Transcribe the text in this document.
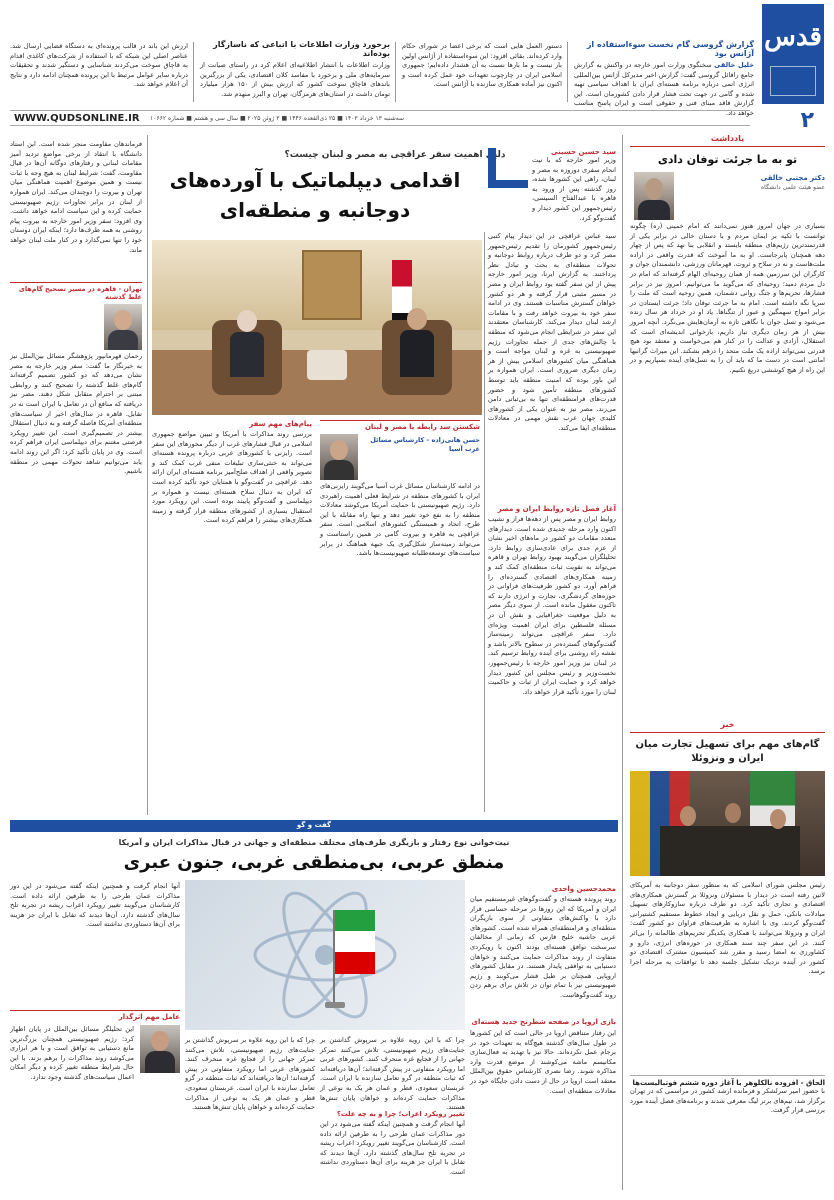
قدس
٢
گزارش گروسی گام نخست سوءاستفاده از آژانس بود
خلیل خالقی سخنگوی وزارت امور خارجه در واکنش به گزارش جامع رافائل گروسی گفت: گزارش اخیر مدیرکل آژانس بین‌المللی انرژی اتمی درباره برنامه هسته‌ای ایران با اهداف سیاسی تهیه شده و گامی در جهت تحت فشار قرار دادن کشورمان است. این گزارش فاقد مبنای فنی و حقوقی است و ایران پاسخ مناسب خواهد داد.
دستور العمل هایی است که برخی اعضا در شورای حکام وارد کرده‌اند. بقائی افزود: این سوءاستفاده از آژانس اولین بار نیست و ما بارها نسبت به آن هشدار داده‌ایم؛ جمهوری اسلامی ایران در چارچوب تعهدات خود عمل کرده است و اکنون نیز آماده همکاری سازنده با آژانس است.
برخورد وزارت اطلاعات با اتباعی که ناسازگار بوده‌اند
وزارت اطلاعات با انتشار اطلاعیه‌ای اعلام کرد در راستای صیانت از سرمایه‌های ملی و برخورد با مفاسد کلان اقتصادی، یکی از بزرگترین باندهای قاچاق سوخت کشور که ارزش بیش از ۱۵۰ هزار میلیارد تومان داشت در استان‌های هرمزگان، تهران و البرز منهدم شد.
ارزش این باند در قالب پرونده‌ای به دستگاه قضایی ارسال شد. عناصر اصلی این شبکه که با استفاده از شرکت‌های کاغذی اقدام به قاچاق سوخت می‌کردند شناسایی و دستگیر شدند و تحقیقات درباره سایر عوامل مرتبط با این پرونده همچنان ادامه دارد و نتایج آن اعلام خواهد شد.
WWW.QUDSONLINE.IR سه‌شنبه ١٣ خرداد ١۴٠٣ ■ ٢۵ ذی‌القعده ١۴۴۶ ■ ٣ ژوئن ٢٠٢۵ ■ سال سی و هشتم ■ شماره ١٠۶۶٢
یادداشت
تو به ما جرئت توفان دادی
دکتر مجتبی خالقی
عضو هیئت علمی دانشگاه
بسیاری در جهان امروز هنوز نمی‌دانند که امام خمینی (ره) چگونه توانست با تکیه بر ایمان مردم و با دستان خالی در برابر یکی از قدرتمندترین رژیم‌های منطقه بایستد و انقلابی بنا نهد که پس از چهار دهه همچنان پابرجاست. او به ما آموخت که قدرت واقعی در اراده ملت‌هاست و نه در سلاح و ثروت. قهرمانان ورزشی، دانشمندان جوان و کارگران این سرزمین همه از همان روحیه‌ای الهام گرفته‌اند که امام در دل مردم دمید؛ روحیه‌ای که می‌گوید ما می‌توانیم. امروز نیز در برابر فشارها، تحریم‌ها و جنگ روانی دشمنان، همین روحیه است که ملت را سرپا نگه داشته است. امام به ما جرئت توفان داد؛ جرئت ایستادن در برابر امواج سهمگین و عبور از تنگناها. یاد او در خرداد هر سال زنده می‌شود و نسل جوان با نگاهی تازه به آرمان‌هایش می‌نگرد. آنچه امروز بیش از هر زمان دیگری نیاز داریم، بازخوانی اندیشه‌ای است که استقلال، آزادی و عدالت را در کنار هم می‌خواست و معتقد بود هیچ قدرتی نمی‌تواند اراده یک ملت متحد را درهم بشکند. این میراث گرانبها امانتی است در دست ما که باید آن را به نسل‌های آینده بسپاریم و در این راه از هیچ کوششی دریغ نکنیم.
خبر
گام‌های مهم برای تسهیل تجارت میان ایران و ونزوئلا
رئیس مجلس شورای اسلامی که به منظور سفر دوجانبه به آمریکای لاتین رفته است در دیدار با مسئولان ونزوئلا بر گسترش همکاری‌های اقتصادی و تجاری تأکید کرد. دو طرف درباره سازوکارهای تسهیل مبادلات بانکی، حمل و نقل دریایی و ایجاد خطوط مستقیم کشتیرانی گفت‌وگو کردند. وی با اشاره به ظرفیت‌های فراوان دو کشور گفت: ایران و ونزوئلا می‌توانند با همکاری یکدیگر تحریم‌های ظالمانه را بی‌اثر کنند. در این سفر چند سند همکاری در حوزه‌های انرژی، دارو و کشاورزی به امضا رسید و مقرر شد کمیسیون مشترک اقتصادی دو کشور در آینده نزدیک تشکیل جلسه دهد تا توافقات به مرحله اجرا برسد.
الحاق - افزوده نالکلوهر با آغاز دوره ششم فوتبالیست‌ها
با حضور امیر سرلشکر و فرمانده ارشد کشور در مراسمی که در تهران برگزار شد، تیم‌های برتر لیگ معرفی شدند و برنامه‌های فصل آینده مورد بررسی قرار گرفت.
دلیل اهمیت سفر عراقچی به مصر و لبنان چیست؟
اقدامی دیپلماتیک با آورده‌های
دوجانبه و منطقه‌ای
سید حسین حسینی
وزیر امور خارجه که با نیت انجام سفری دوروزه به مصر و لبنان، راهی این کشورها شده، روز گذشته پس از ورود به قاهره با عبدالفتاح السیسی، رئیس‌جمهور این کشور دیدار و گفت‌وگو کرد.
سید عباس عراقچی در این دیدار پیام کتبی رئیس‌جمهور کشورمان را تقدیم رئیس‌جمهور مصر کرد و دو طرف درباره روابط دوجانبه و تحولات منطقه‌ای به بحث و تبادل نظر پرداختند. به گزارش ایرنا، وزیر امور خارجه پیش از این سفر گفته بود روابط ایران و مصر در مسیر مثبتی قرار گرفته و هر دو کشور خواهان گسترش مناسبات هستند. وی در ادامه سفر خود به بیروت خواهد رفت و با مقامات ارشد لبنان دیدار می‌کند. کارشناسان معتقدند این سفر در شرایطی انجام می‌شود که منطقه با چالش‌های جدی از جمله تجاوزات رژیم صهیونیستی به غزه و لبنان مواجه است و هماهنگی میان کشورهای اسلامی بیش از هر زمان دیگری ضروری است. ایران همواره بر این باور بوده که امنیت منطقه باید توسط کشورهای منطقه تأمین شود و حضور قدرت‌های فرامنطقه‌ای تنها به بی‌ثباتی دامن می‌زند. مصر نیز به عنوان یکی از کشورهای کلیدی جهان عرب نقش مهمی در معادلات منطقه‌ای ایفا می‌کند.
آغاز فصل تازه روابط ایران و مصر
روابط ایران و مصر پس از دهه‌ها فراز و نشیب اکنون وارد مرحله جدیدی شده است. دیدارهای متعدد مقامات دو کشور در ماه‌های اخیر نشان از عزم جدی برای عادی‌سازی روابط دارد. تحلیلگران می‌گویند بهبود روابط تهران و قاهره می‌تواند به تقویت ثبات منطقه‌ای کمک کند و زمینه همکاری‌های اقتصادی گسترده‌ای را فراهم آورد. دو کشور ظرفیت‌های فراوانی در حوزه‌های گردشگری، تجارت و انرژی دارند که تاکنون مغفول مانده است. از سوی دیگر مصر به دلیل موقعیت جغرافیایی و نقش آن در مسئله فلسطین برای ایران اهمیت ویژه‌ای دارد. سفر عراقچی می‌تواند زمینه‌ساز گفت‌وگوهای گسترده‌تر در سطوح بالاتر باشد و نقشه راه روشنی برای آینده روابط ترسیم کند. در لبنان نیز وزیر امور خارجه با رئیس‌جمهور، نخست‌وزیر و رئیس مجلس این کشور دیدار خواهد کرد و حمایت ایران از ثبات و حاکمیت لبنان را مورد تأکید قرار خواهد داد.
شکستن سد رابطه با مصر و لبنان
حسن هانی‌زاده - کارشناس مسائل غرب آسیا
در ادامه کارشناسان مسائل غرب آسیا می‌گویند رایزنی‌های ایران با کشورهای منطقه در شرایط فعلی اهمیت راهبردی دارد. رژیم صهیونیستی با حمایت آمریکا می‌کوشد معادلات منطقه را به نفع خود تغییر دهد و تنها راه مقابله با این طرح، اتحاد و همبستگی کشورهای اسلامی است. سفر عراقچی به قاهره و بیروت گامی در همین راستاست و می‌تواند زمینه‌ساز شکل‌گیری یک جبهه هماهنگ در برابر سیاست‌های توسعه‌طلبانه صهیونیست‌ها باشد.
پیام‌های مهم سفر
بررسی روند مذاکرات با آمریکا و تبیین مواضع جمهوری اسلامی در قبال فشارهای غرب از دیگر محورهای این سفر است. رایزنی با کشورهای عربی درباره پرونده هسته‌ای می‌تواند به خنثی‌سازی تبلیغات منفی غرب کمک کند و تصویر واقعی از اهداف صلح‌آمیز برنامه هسته‌ای ایران ارائه دهد. عراقچی در گفت‌وگو با همتایان خود تأکید کرده است که ایران به دنبال سلاح هسته‌ای نیست و همواره بر دیپلماسی و گفت‌وگو پایبند بوده است. این رویکرد مورد استقبال بسیاری از کشورهای منطقه قرار گرفته و زمینه همکاری‌های بیشتر را فراهم کرده است.
فرماندهان مقاومت منجر شده است. این استاد دانشگاه با انتقاد از برخی مواضع تردید آمیز مقامات لبنانی و رفتارهای دوگانه آن‌ها در قبال مقاومت، گفت: شرایط لبنان به هیچ وجه با ثبات نیست و همین موضوع اهمیت هماهنگی میان تهران و بیروت را دوچندان می‌کند. ایران همواره از لبنان در برابر تجاوزات رژیم صهیونیستی حمایت کرده و این سیاست ادامه خواهد داشت. وی افزود: سفر وزیر امور خارجه به بیروت پیام روشنی به همه طرف‌ها دارد؛ اینکه ایران دوستان خود را تنها نمی‌گذارد و در کنار ملت لبنان خواهد ماند.
تهران - قاهره در مسیر تصحیح گام‌های غلط گذشته
رحمان قهرمانپور پژوهشگر مسائل بین‌الملل نیز به خبرنگار ما گفت: سفر وزیر خارجه به مصر نشان می‌دهد که دو کشور تصمیم گرفته‌اند گام‌های غلط گذشته را تصحیح کنند و روابطی مبتنی بر احترام متقابل شکل دهند. مصر نیز دریافته که منافع آن در تعامل با ایران است نه در تقابل. قاهره در سال‌های اخیر از سیاست‌های منطقه‌ای آمریکا فاصله گرفته و به دنبال استقلال بیشتر در تصمیم‌گیری است. این تغییر رویکرد فرصتی مغتنم برای دیپلماسی ایران فراهم کرده است. وی در پایان تأکید کرد: اگر این روند ادامه یابد می‌توانیم شاهد تحولات مهمی در منطقه باشیم.
گفت و گو
نیت‌خوانی نوع رفتار و بازیگری طرف‌های مختلف منطقه‌ای و جهانی در قبال مذاکرات ایران و آمریکا
منطق عربی، بی‌منطقی غربی، جنون عبری
محمدحسین واحدی
روند پرونده هسته‌ای و گفت‌وگوهای غیرمستقیم میان ایران و آمریکا که این روزها در مرحله حساسی قرار دارد با واکنش‌های متفاوتی از سوی بازیگران منطقه‌ای و فرامنطقه‌ای همراه شده است. کشورهای عربی حاشیه خلیج فارس که زمانی از مخالفان سرسخت توافق هسته‌ای بودند اکنون با رویکردی متفاوت از روند مذاکرات حمایت می‌کنند و خواهان دستیابی به توافقی پایدار هستند. در مقابل کشورهای اروپایی همچنان بر طبل فشار می‌کوبند و رژیم صهیونیستی نیز با تمام توان در تلاش برای برهم زدن روند گفت‌وگوهاست.
بازی اروپا در صفحه شطرنج جدید هسته‌ای
این رفتار متناقض اروپا در حالی است که این کشورها در طول سال‌های گذشته هیچ‌گاه به تعهدات خود در برجام عمل نکرده‌اند. حالا نیز با تهدید به فعال‌سازی مکانیسم ماشه می‌کوشند از موضع قدرت وارد مذاکره شوند. رضا نصری کارشناس حقوق بین‌الملل معتقد است اروپا در حال از دست دادن جایگاه خود در معادلات منطقه‌ای است.
چرا که با این رویه علاوه بر سرپوش گذاشتن بر جنایت‌های رژیم صهیونیستی، تلاش می‌کنند تمرکز جهانی را از فجایع غزه منحرف کنند. کشورهای عربی اما رویکرد متفاوتی در پیش گرفته‌اند؛ آن‌ها دریافته‌اند که ثبات منطقه در گرو تعامل سازنده با ایران است. عربستان سعودی، قطر و عمان هر یک به نوعی از مذاکرات حمایت کرده‌اند و خواهان پایان تنش‌ها هستند.
تغییر رویکرد اعراب؛ چرا و به چه علت؟
آنها انجام گرفت و همچنین اینکه گفته می‌شود در این دور مذاکرات عمان طرحی را به طرفین ارائه داده است. کارشناسان می‌گویند تغییر رویکرد اعراب ریشه در تجربه تلخ سال‌های گذشته دارد. آن‌ها دیدند که تقابل با ایران جز هزینه برای آن‌ها دستاوردی نداشته است.
آنها انجام گرفت و همچنین اینکه گفته می‌شود در این دور مذاکرات عمان طرحی را به طرفین ارائه داده است. کارشناسان می‌گویند تغییر رویکرد اعراب ریشه در تجربه تلخ سال‌های گذشته دارد. آن‌ها دیدند که تقابل با ایران جز هزینه برای آن‌ها دستاوردی نداشته است.
عامل مهم اثرگذار
این تحلیلگر مسائل بین‌الملل در پایان اظهار کرد: رژیم صهیونیستی همچنان بزرگ‌ترین مانع دستیابی به توافق است و با هر ابزاری می‌کوشد روند مذاکرات را برهم بزند. با این حال شرایط منطقه تغییر کرده و دیگر امکان اعمال سیاست‌های گذشته وجود ندارد.
چرا که با این رویه علاوه بر سرپوش گذاشتن بر جنایت‌های رژیم صهیونیستی، تلاش می‌کنند تمرکز جهانی را از فجایع غزه منحرف کنند. کشورهای عربی اما رویکرد متفاوتی در پیش گرفته‌اند؛ آن‌ها دریافته‌اند که ثبات منطقه در گرو تعامل سازنده با ایران است. عربستان سعودی، قطر و عمان هر یک به نوعی از مذاکرات حمایت کرده‌اند و خواهان پایان تنش‌ها هستند.
